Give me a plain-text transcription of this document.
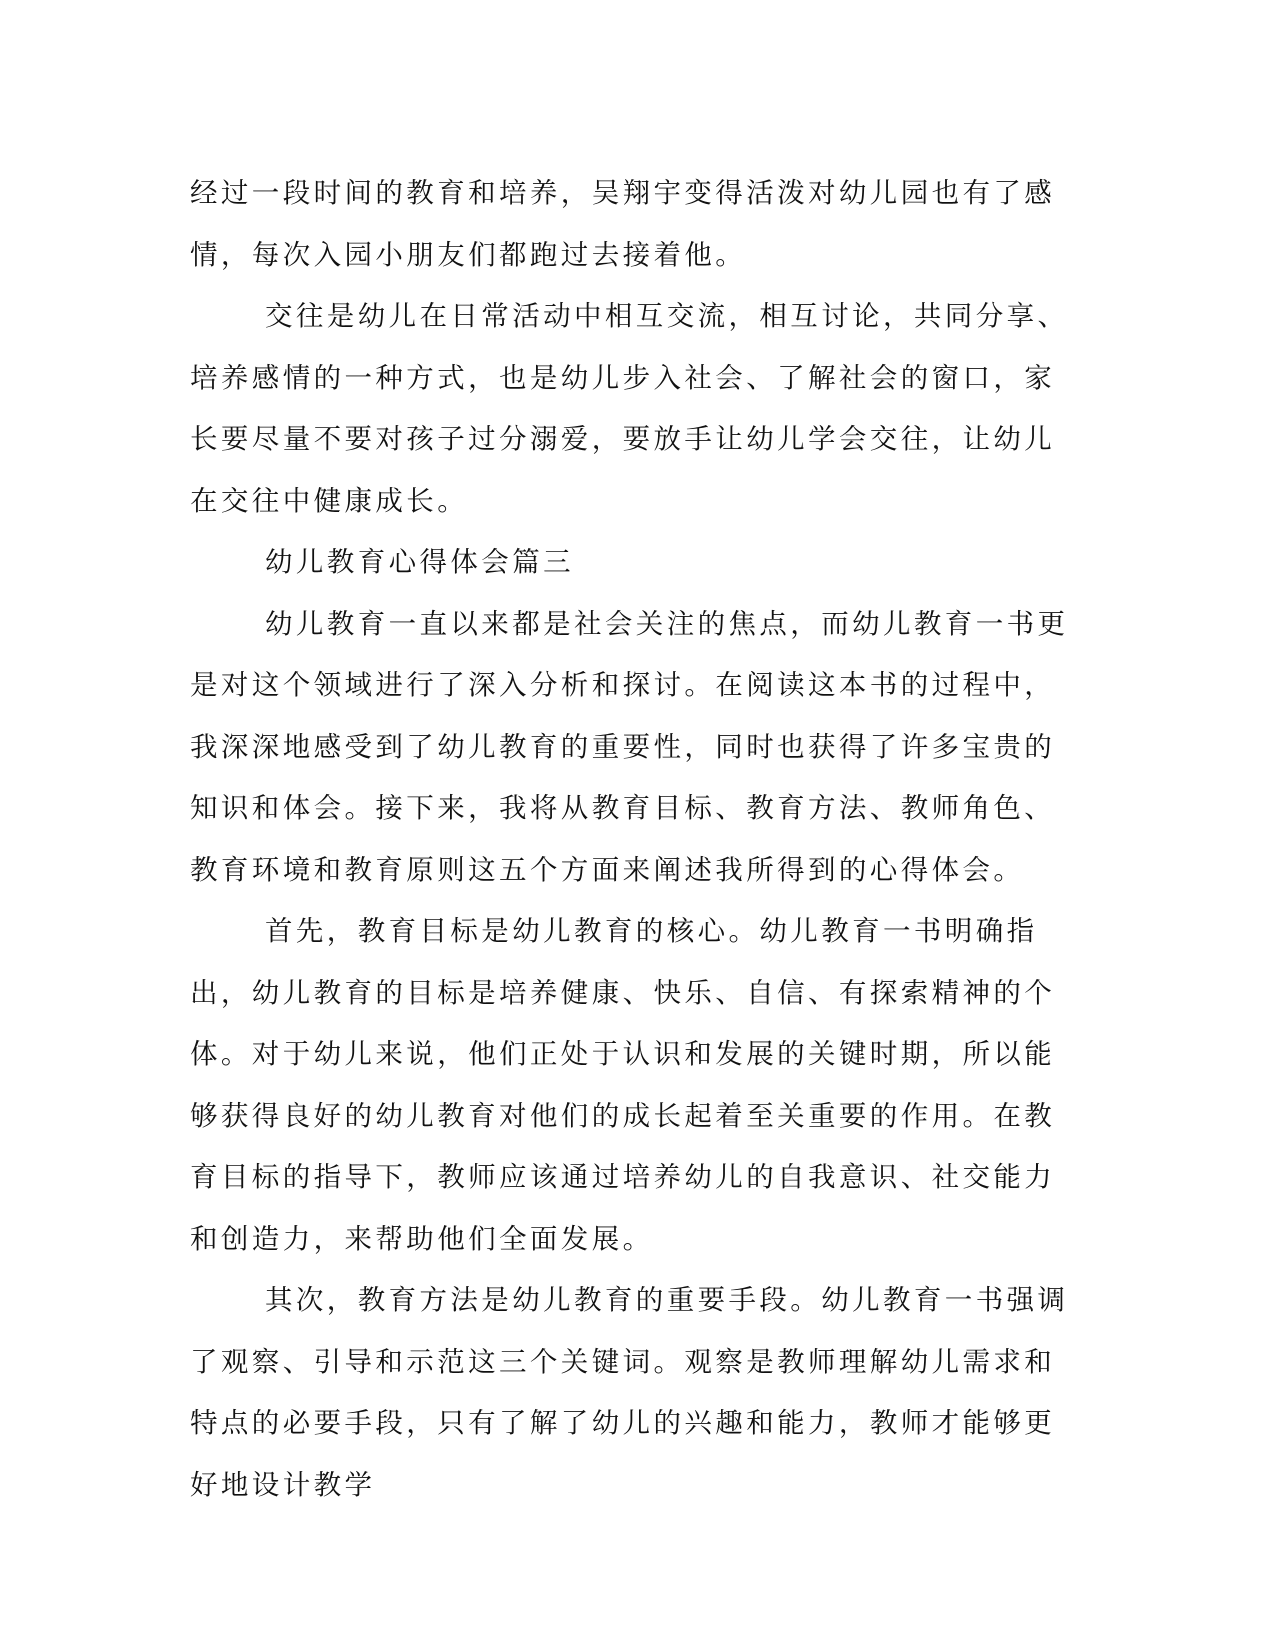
经过一段时间的教育和培养，吴翔宇变得活泼对幼儿园也有了感情，每次入园小朋友们都跑过去接着他。

交往是幼儿在日常活动中相互交流，相互讨论，共同分享、培养感情的一种方式，也是幼儿步入社会、了解社会的窗口，家长要尽量不要对孩子过分溺爱，要放手让幼儿学会交往，让幼儿在交往中健康成长。

幼儿教育心得体会篇三

幼儿教育一直以来都是社会关注的焦点，而幼儿教育一书更是对这个领域进行了深入分析和探讨。在阅读这本书的过程中，我深深地感受到了幼儿教育的重要性，同时也获得了许多宝贵的知识和体会。接下来，我将从教育目标、教育方法、教师角色、教育环境和教育原则这五个方面来阐述我所得到的心得体会。

首先，教育目标是幼儿教育的核心。幼儿教育一书明确指出，幼儿教育的目标是培养健康、快乐、自信、有探索精神的个体。对于幼儿来说，他们正处于认识和发展的关键时期，所以能够获得良好的幼儿教育对他们的成长起着至关重要的作用。在教育目标的指导下，教师应该通过培养幼儿的自我意识、社交能力和创造力，来帮助他们全面发展。

其次，教育方法是幼儿教育的重要手段。幼儿教育一书强调了观察、引导和示范这三个关键词。观察是教师理解幼儿需求和特点的必要手段，只有了解了幼儿的兴趣和能力，教师才能够更好地设计教学
